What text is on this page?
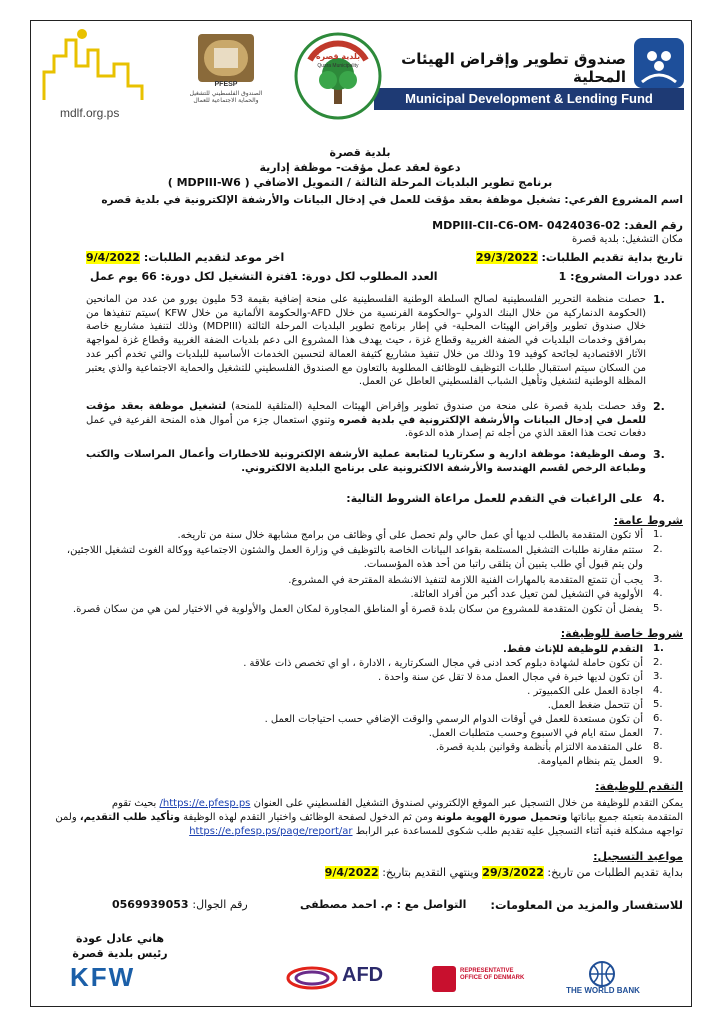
صندوق تطوير وإقراض الهيئات المحلية
Municipal Development & Lending Fund
بلدية قصرة
Qusra Municipality
PFESP
الصندوق الفلسطيني للتشغيل والحماية الاجتماعية للعمال
mdlf.org.ps
بلدية قصرة
دعوة لعقد عمل مؤقت- موظفة إدارية
برنامج تطوير البلديات المرحلة الثالثة / التمويل الاضافي ( MDPIII-W6 )
اسم المشروع الفرعي: تشغيل موظفة بعقد مؤقت للعمل في إدخال البيانات والأرشفة الإلكترونية في بلدية قصره
رقم العقد: MDPIII-CII-C6-OM- 0424036-02
مكان التشغيل: بلدية قصرة
تاريخ بداية تقديم الطلبات: 29/3/2022
اخر موعد لتقديم الطلبات: 9/4/2022
عدد دورات المشروع: 1
العدد المطلوب لكل دورة: 1
فترة التشغيل لكل دورة: 66 يوم عمل
1.
حصلت منظمة التحرير الفلسطينية لصالح السلطة الوطنية الفلسطينية على منحة إضافية بقيمة 53 مليون يورو من عدد من المانحين (الحكومة الدنماركية من خلال البنك الدولي –والحكومة الفرنسية من خلال AFD-والحكومة الألمانية من خلال KFW )سيتم تنفيذها من خلال صندوق تطوير وإقراض الهيئات المحلية- في إطار برنامج تطوير البلديات المرحلة الثالثة (MDPIII) وذلك لتنفيذ مشاريع خاصة بمرافق وخدمات البلديات في الضفة الغربية وقطاع غزة ، حيث يهدف هذا المشروع الى دعم بلديات الضفة الغربية وقطاع غزة لمواجهة الآثار الاقتصادية لجائحة كوفيد 19 وذلك من خلال تنفيذ مشاريع كثيفة العمالة لتحسين الخدمات الأساسية للبلديات والتي تخدم أكبر عدد من السكان سيتم استقبال طلبات التوظيف للوظائف المطلوبة بالتعاون مع الصندوق الفلسطيني للتشغيل والحماية الاجتماعية والذي يعتبر المظلة الوطنية لتشغيل وتأهيل الشباب الفلسطيني العاطل عن العمل.
2.
وقد حصلت بلدية قصرة على منحة من صندوق تطوير وإقراض الهيئات المحلية (المتلقية للمنحة) لتشغيل موظفة بعقد مؤقت للعمل في إدخال البيانات والأرشفة الإلكترونية في بلدية قصره وتنوي استعمال جزء من أموال هذه المنحة الفرعية في عمل دفعات تحت هذا العقد الذي من أجله تم إصدار هذه الدعوة.
3.
وصف الوظيفة: موظفة ادارية و سكرتاريا لمتابعة عملية الأرشفة الإلكترونية للاخطارات وأعمال المراسلات والكتب وطباعة الرخص لقسم الهندسة والأرشفة الالكترونية على برنامج البلدية الالكتروني.
4.
على الراغبات في التقدم للعمل مراعاة الشروط التالية:
شروط عامة:
1.
ألا تكون المتقدمة بالطلب لديها أي عمل حالي ولم تحصل على أي وظائف من برامج مشابهة خلال سنة من تاريخه.
2.
ستتم مقارنة طلبات التشغيل المستلمة بقواعد البيانات الخاصة بالتوظيف في وزارة العمل والشئون الاجتماعية ووكالة الغوث لتشغيل اللاجئين،
ولن يتم قبول أي طلب يتبين أن يتلقى راتبا من أحد هذه المؤسسات.
3.
يجب أن تتمتع المتقدمة بالمهارات الفنية اللازمة لتنفيذ الانشطة المقترحة في المشروع.
4.
الأولوية في التشغيل لمن تعيل عدد أكبر من أفراد العائلة.
5.
يفضل أن تكون المتقدمة للمشروع من سكان بلدة قصرة أو المناطق المجاورة لمكان العمل والأولوية في الاختيار لمن هي من سكان قصرة.
شروط خاصة للوظيفة:
1.
التقدم للوظيفة للإناث فقط.
2.
أن تكون حاملة لشهادة دبلوم كحد ادنى في مجال السكرتارية ، الادارة ، او اي تخصص ذات علاقة .
3.
أن تكون لديها خبرة في مجال العمل مدة لا تقل عن سنة واحدة .
4.
اجادة العمل على الكمبيوتر .
5.
أن تتحمل ضغط العمل.
6.
أن تكون مستعدة للعمل في أوقات الدوام الرسمي والوقت الإضافي حسب احتياجات العمل .
7.
العمل ستة ايام في الاسبوع وحسب متطلبات العمل.
8.
على المتقدمة الالتزام بأنظمة وقوانين بلدية قصرة.
9.
العمل يتم بنظام المياومة.
التقدم للوظيفة:
يمكن التقدم للوظيفة من خلال التسجيل عبر الموقع الإلكتروني لصندوق التشغيل الفلسطيني على العنوان https://e.pfesp.ps/ بحيث تقوم
المتقدمة بتعبئة جميع بياناتها وتحميل صورة الهوية ملونة ومن ثم الدخول لصفحة الوظائف واختيار التقدم لهذه الوظيفة وتأكيد طلب التقديم، ولمن
تواجهه مشكلة فنية أثناء التسجيل عليه تقديم طلب شكوى للمساعدة عبر الرابط https://e.pfesp.ps/page/report/ar
مواعيد التسجيل:
بداية تقديم الطلبات من تاريخ: 29/3/2022 وينتهي التقديم بتاريخ: 9/4/2022
للاستفسار والمزيد من المعلومات:
التواصل مع : م. احمد مصطفى
رقم الجوال: 0569939053
هاني عادل عودة
رئيس بلدية قصرة
THE WORLD BANK
REPRESENTATIVE OFFICE OF DENMARK
AFD
KFW
